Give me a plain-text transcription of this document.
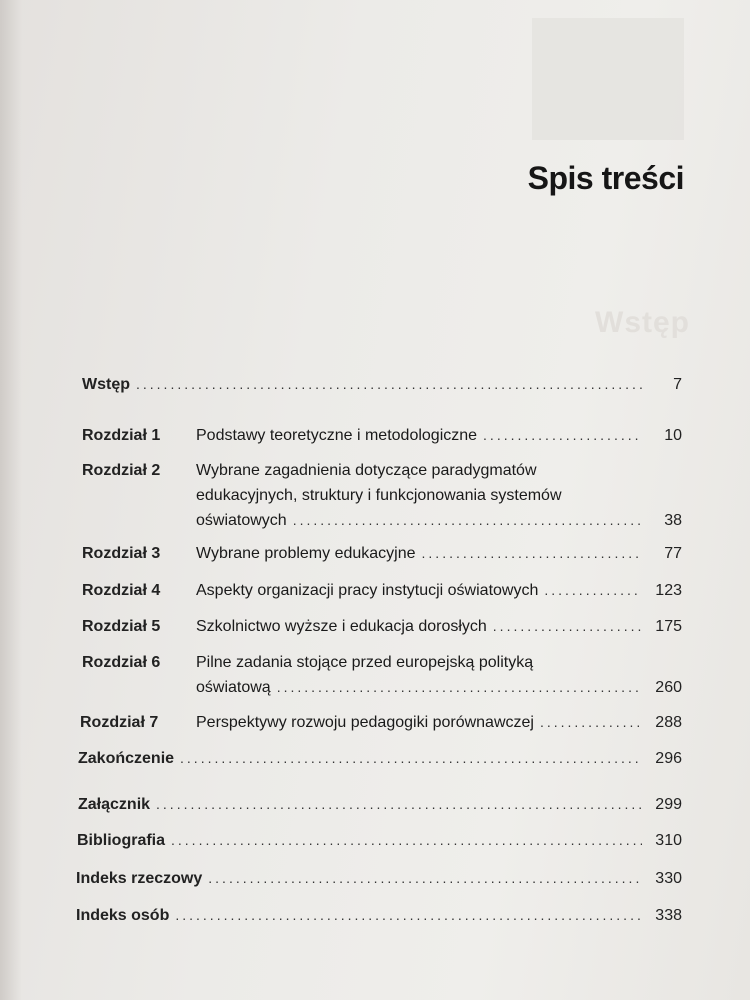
Wstęp
Spis treści
Wstęp .....	7
Rozdział 1	Podstawy teoretyczne i metodologiczne .....	10
Rozdział 2	Wybrane zagadnienia dotyczące paradygmatów
edukacyjnych, struktury i funkcjonowania systemów
oświatowych .....	38
Rozdział 3	Wybrane problemy edukacyjne .....	77
Rozdział 4	Aspekty organizacji pracy instytucji oświatowych .....	123
Rozdział 5	Szkolnictwo wyższe i edukacja dorosłych .....	175
Rozdział 6	Pilne zadania stojące przed europejską polityką
oświatową .....	260
Rozdział 7	Perspektywy rozwoju pedagogiki porównawczej .....	288
Zakończenie .....	296
Załącznik .....	299
Bibliografia .....	310
Indeks rzeczowy .....	330
Indeks osób .....	338
